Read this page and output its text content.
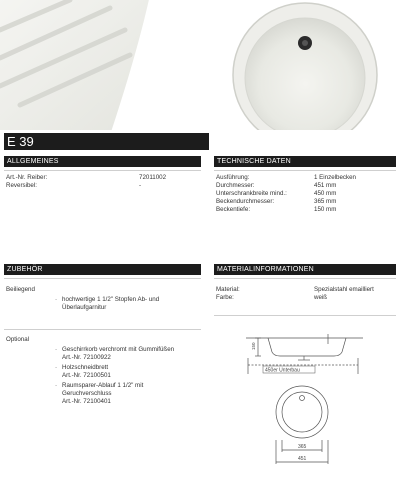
E 39
ALLGEMEINES
Art.-Nr. Reiber:	72011002
Reversibel:	-
TECHNISCHE DATEN
Ausführung:	1 Einzelbecken
Durchmesser:	451 mm
Unterschrankbreite mind.:	450 mm
Beckendurchmesser:	365 mm
Beckentiefe:	150 mm
ZUBEHÖR
Beiliegend
· hochwertige 1 1/2" Stopfen Ab- und Überlaufgarnitur
Optional
· Geschirrkorb verchromt mit Gummifüßen
Art.-Nr. 72100922
· Holzschneidbrett
Art.-Nr. 72100501
· Raumsparer-Ablauf 1 1/2" mit Geruchverschluss
Art.-Nr. 72100401
MATERIALINFORMATIONEN
Material:	Spezialstahl emailliert
Farbe:	weiß
150
450er Unterbau
365
451
